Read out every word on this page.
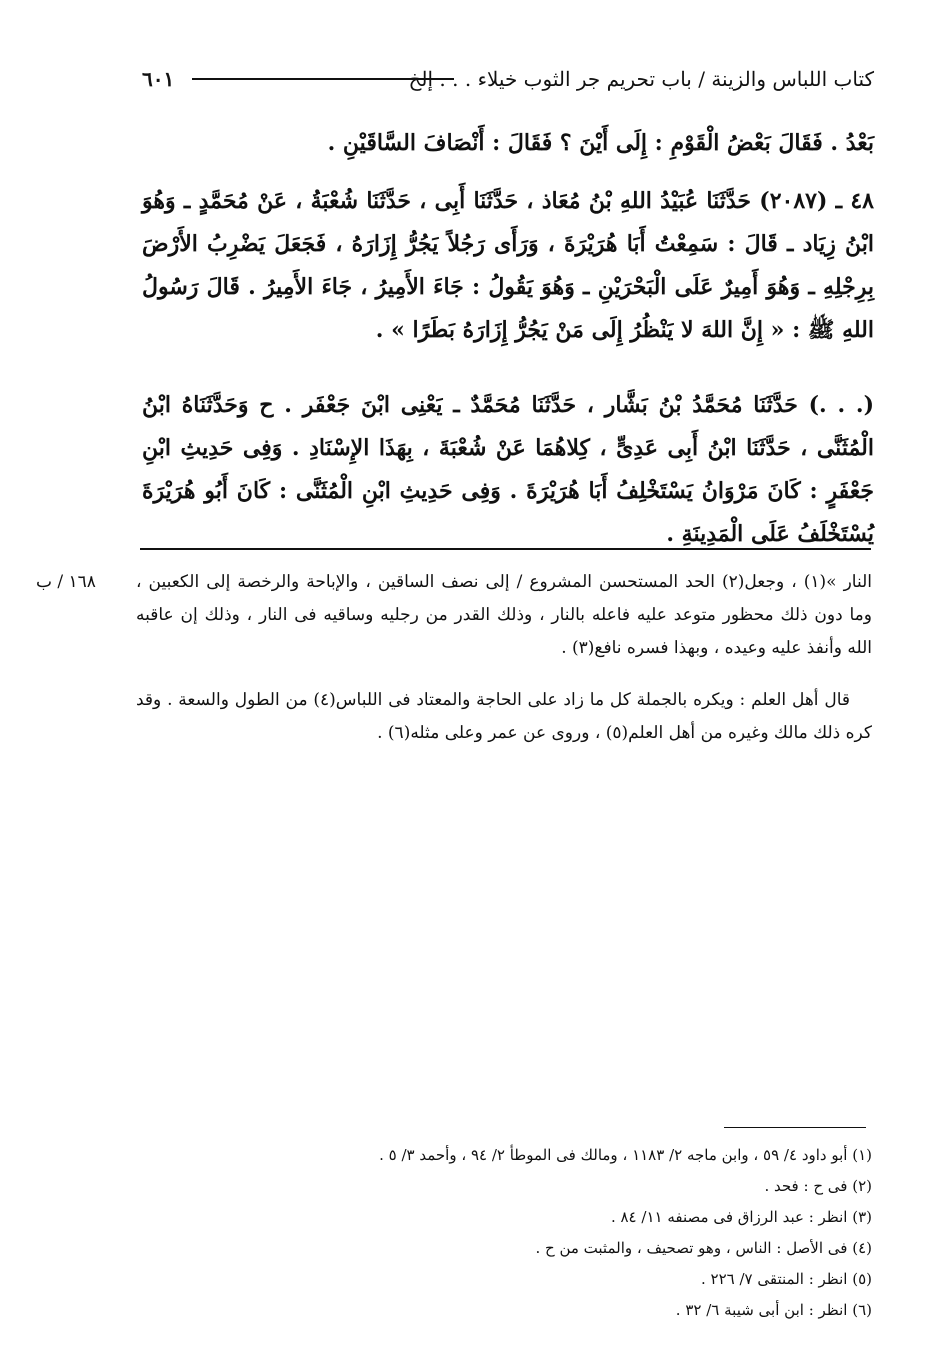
كتاب اللباس والزينة / باب تحريم جر الثوب خيلاء . . . إلخ
٦٠١

بَعْدُ . فَقَالَ بَعْضُ الْقَوْمِ : إِلَى أَيْنَ ؟ فَقَالَ : أَنْصَافَ السَّاقَيْنِ .

٤٨ ـ (٢٠٨٧) حَدَّثَنَا عُبَيْدُ اللهِ بْنُ مُعَاذ ، حَدَّثَنَا أَبِى ، حَدَّثَنَا شُعْبَةُ ، عَنْ مُحَمَّدٍ ـ وَهُوَ ابْنُ زِيَاد ـ قَالَ : سَمِعْتُ أَبَا هُرَيْرَةَ ، وَرَأَى رَجُلاً يَجُرُّ إِزَارَهُ ، فَجَعَلَ يَضْرِبُ الأَرْضَ بِرِجْلِهِ ـ وَهُوَ أَمِيرٌ عَلَى الْبَحْرَيْنِ ـ وَهُوَ يَقُولُ : جَاءَ الأَمِيرُ ، جَاءَ الأَمِيرُ . قَالَ رَسُولُ اللهِ ﷺ : « إِنَّ اللهَ لا يَنْظُرُ إِلَى مَنْ يَجُرُّ إِزَارَهُ بَطَرًا » .

(. . .) حَدَّثَنَا مُحَمَّدُ بْنُ بَشَّار ، حَدَّثَنَا مُحَمَّدٌ ـ يَعْنِى ابْنَ جَعْفَر . ح وَحَدَّثَنَاهُ ابْنُ الْمُثَنَّى ، حَدَّثَنَا ابْنُ أَبِى عَدِىٍّ ، كِلاهُمَا عَنْ شُعْبَةَ ، بِهَذَا الإِسْنَادِ . وَفِى حَدِيثِ ابْنِ جَعْفَرٍ : كَانَ مَرْوَانُ يَسْتَخْلِفُ أَبَا هُرَيْرَةَ . وَفِى حَدِيثِ ابْنِ الْمُثَنَّى : كَانَ أَبُو هُرَيْرَةَ يُسْتَخْلَفُ عَلَى الْمَدِينَةِ .

١٦٨ / ب النار »(١) ، وجعل(٢) الحد المستحسن المشروع / إلى نصف الساقين ، والإباحة والرخصة إلى الكعبين ، وما دون ذلك محظور متوعد عليه فاعله بالنار ، وذلك القدر من رجليه وساقيه فى النار ، وذلك إن عاقبه الله وأنفذ عليه وعيده ، وبهذا فسره نافع(٣) .

قال أهل العلم : ويكره بالجملة كل ما زاد على الحاجة والمعتاد فى اللباس(٤) من الطول والسعة . وقد كره ذلك مالك وغيره من أهل العلم(٥) ، وروى عن عمر وعلى مثله(٦) .

(١) أبو داود ٤/ ٥٩ ، وابن ماجه ٢/ ١١٨٣ ، ومالك فى الموطأ ٢/ ٩٤ ، وأحمد ٣/ ٥ .
(٢) فى ح : فحد .
(٣) انظر : عبد الرزاق فى مصنفه ١١/ ٨٤ .
(٤) فى الأصل : الناس ، وهو تصحيف ، والمثبت من ح .
(٥) انظر : المنتقى ٧/ ٢٢٦ .
(٦) انظر : ابن أبى شيبة ٦/ ٣٢ .
